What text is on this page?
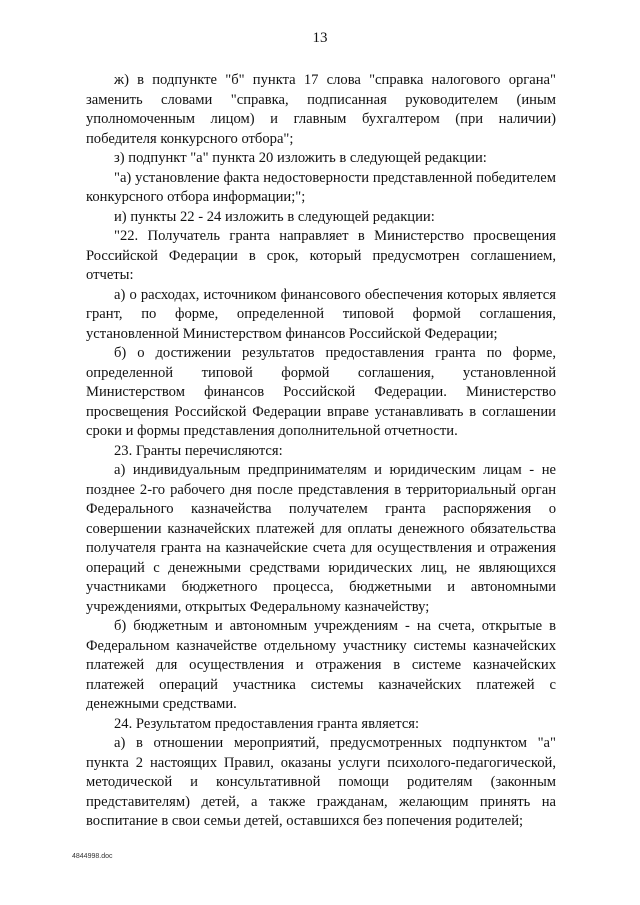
13

ж) в подпункте "б" пункта 17 слова "справка налогового органа" заменить словами "справка, подписанная руководителем (иным уполномоченным лицом) и главным бухгалтером (при наличии) победителя конкурсного отбора";

з) подпункт "а" пункта 20 изложить в следующей редакции:

"а) установление факта недостоверности представленной победителем конкурсного отбора информации;";

и) пункты 22 - 24 изложить в следующей редакции:

"22. Получатель гранта направляет в Министерство просвещения Российской Федерации в срок, который предусмотрен соглашением, отчеты:

а) о расходах, источником финансового обеспечения которых является грант, по форме, определенной типовой формой соглашения, установленной Министерством финансов Российской Федерации;

б) о достижении результатов предоставления гранта по форме, определенной типовой формой соглашения, установленной Министерством финансов Российской Федерации. Министерство просвещения Российской Федерации вправе устанавливать в соглашении сроки и формы представления дополнительной отчетности.

23. Гранты перечисляются:

а) индивидуальным предпринимателям и юридическим лицам - не позднее 2-го рабочего дня после представления в территориальный орган Федерального казначейства получателем гранта распоряжения о совершении казначейских платежей для оплаты денежного обязательства получателя гранта на казначейские счета для осуществления и отражения операций с денежными средствами юридических лиц, не являющихся участниками бюджетного процесса, бюджетными и автономными учреждениями, открытых Федеральному казначейству;

б) бюджетным и автономным учреждениям - на счета, открытые в Федеральном казначействе отдельному участнику системы казначейских платежей для осуществления и отражения в системе казначейских платежей операций участника системы казначейских платежей с денежными средствами.

24. Результатом предоставления гранта является:

а) в отношении мероприятий, предусмотренных подпунктом "а" пункта 2 настоящих Правил, оказаны услуги психолого-педагогической, методической и консультативной помощи родителям (законным представителям) детей, а также гражданам, желающим принять на воспитание в свои семьи детей, оставшихся без попечения родителей;

4844998.doc
